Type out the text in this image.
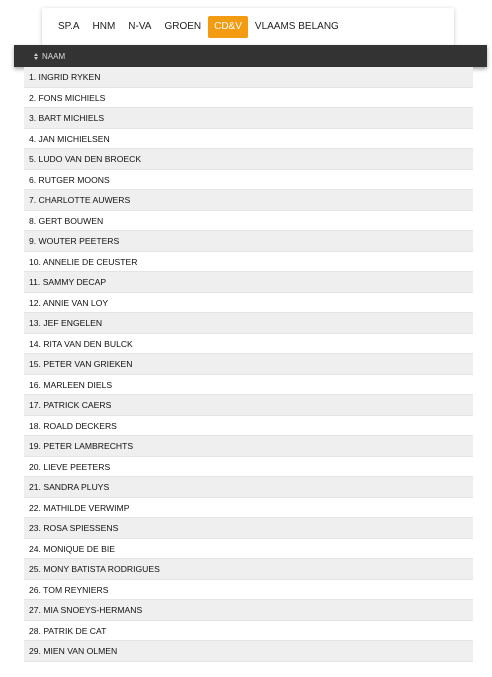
SP.A	HNM	N-VA	GROEN	CD&V	VLAAMS BELANG
NAAM
1. INGRID RYKEN
2. FONS MICHIELS
3. BART MICHIELS
4. JAN MICHIELSEN
5. LUDO VAN DEN BROECK
6. RUTGER MOONS
7. CHARLOTTE AUWERS
8. GERT BOUWEN
9. WOUTER PEETERS
10. ANNELIE DE CEUSTER
11. SAMMY DECAP
12. ANNIE VAN LOY
13. JEF ENGELEN
14. RITA VAN DEN BULCK
15. PETER VAN GRIEKEN
16. MARLEEN DIELS
17. PATRICK CAERS
18. ROALD DECKERS
19. PETER LAMBRECHTS
20. LIEVE PEETERS
21. SANDRA PLUYS
22. MATHILDE VERWIMP
23. ROSA SPIESSENS
24. MONIQUE DE BIE
25. MONY BATISTA RODRIGUES
26. TOM REYNIERS
27. MIA SNOEYS-HERMANS
28. PATRIK DE CAT
29. MIEN VAN OLMEN
